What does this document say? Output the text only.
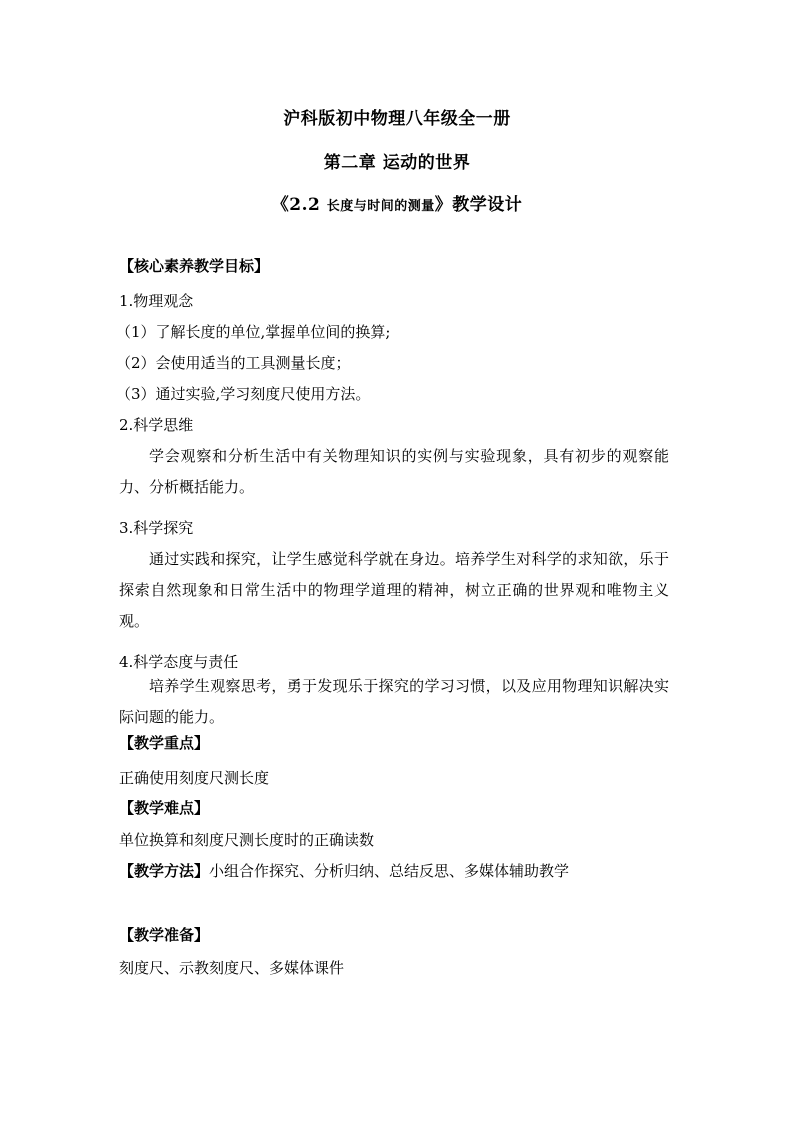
沪科版初中物理八年级全一册
第二章 运动的世界
《2.2 长度与时间的测量》教学设计
【核心素养教学目标】
1.物理观念
（1）了解长度的单位,掌握单位间的换算;
（2）会使用适当的工具测量长度；
（3）通过实验,学习刻度尺使用方法。
2.科学思维
学会观察和分析生活中有关物理知识的实例与实验现象，具有初步的观察能力、分析概括能力。
3.科学探究
通过实践和探究，让学生感觉科学就在身边。培养学生对科学的求知欲，乐于探索自然现象和日常生活中的物理学道理的精神，树立正确的世界观和唯物主义观。
4.科学态度与责任
培养学生观察思考，勇于发现乐于探究的学习习惯，以及应用物理知识解决实际问题的能力。
【教学重点】
正确使用刻度尺测长度
【教学难点】
单位换算和刻度尺测长度时的正确读数
【教学方法】小组合作探究、分析归纳、总结反思、多媒体辅助教学
【教学准备】
刻度尺、示教刻度尺、多媒体课件
